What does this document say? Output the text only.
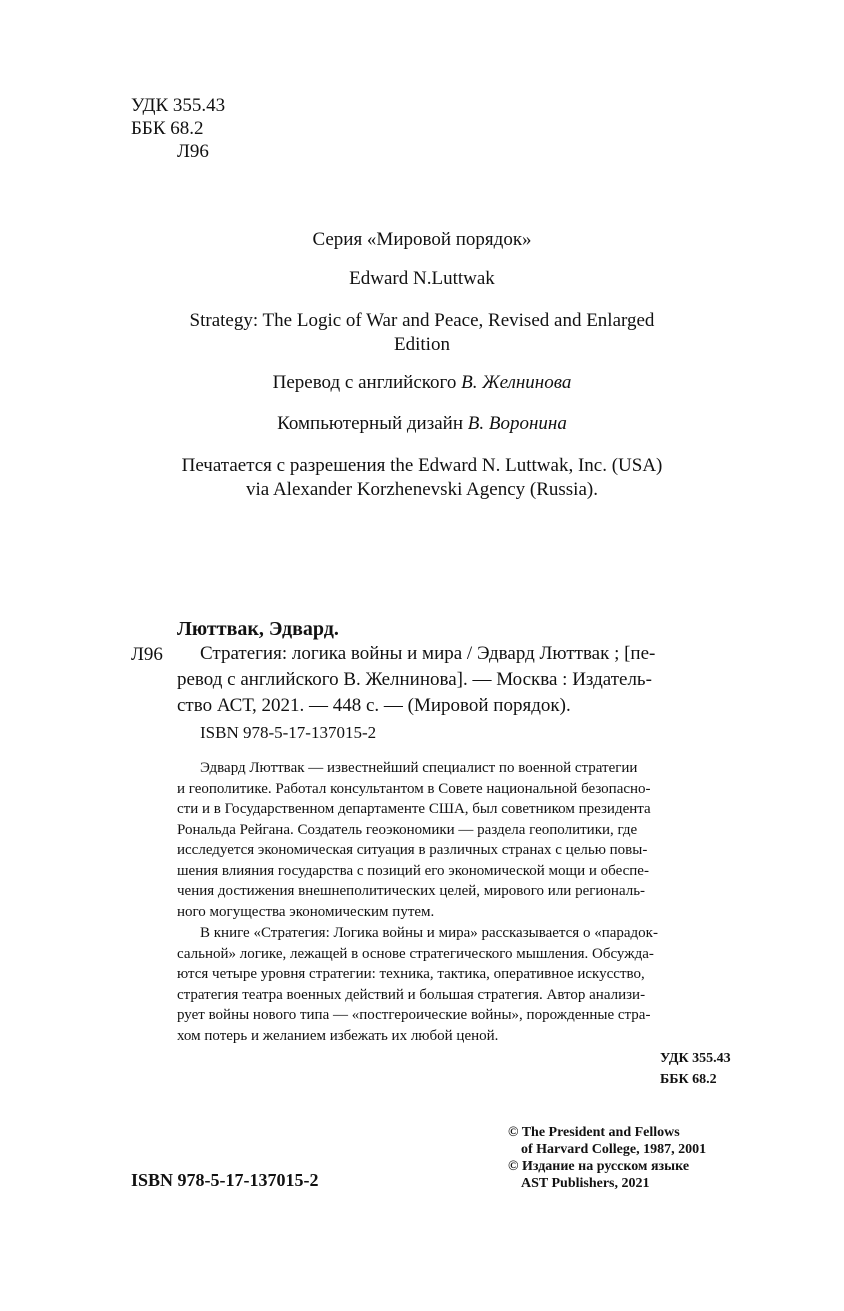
УДК 355.43
ББК 68.2
Л96
Серия «Мировой порядок»
Edward N.Luttwak
Strategy: The Logic of War and Peace, Revised and Enlarged
Edition
Перевод с английского В. Желнинова
Компьютерный дизайн В. Воронина
Печатается с разрешения the Edward N. Luttwak, Inc. (USA)
via Alexander Korzhenevski Agency (Russia).
Люттвак, Эдвард.
Л96	Стратегия: логика войны и мира / Эдвард Люттвак ; [пе-
ревод с английского В. Желнинова]. — Москва : Издатель-
ство АСТ, 2021. — 448 с. — (Мировой порядок).
ISBN 978-5-17-137015-2
Эдвард Люттвак — известнейший специалист по военной стратегии
и геополитике. Работал консультантом в Совете национальной безопасно-
сти и в Государственном департаменте США, был советником президента
Рональда Рейгана. Создатель геоэкономики — раздела геополитики, где
исследуется экономическая ситуация в различных странах с целью повы-
шения влияния государства с позиций его экономической мощи и обеспе-
чения достижения внешнеполитических целей, мирового или региональ-
ного могущества экономическим путем.
В книге «Стратегия: Логика войны и мира» рассказывается о «парадок-
сальной» логике, лежащей в основе стратегического мышления. Обсужда-
ются четыре уровня стратегии: техника, тактика, оперативное искусство,
стратегия театра военных действий и большая стратегия. Автор анализи-
рует войны нового типа — «постгероические войны», порожденные стра-
хом потерь и желанием избежать их любой ценой.
УДК 355.43
ББК 68.2
© The President and Fellows
of Harvard College, 1987, 2001
© Издание на русском языке
AST Publishers, 2021
ISBN 978-5-17-137015-2
